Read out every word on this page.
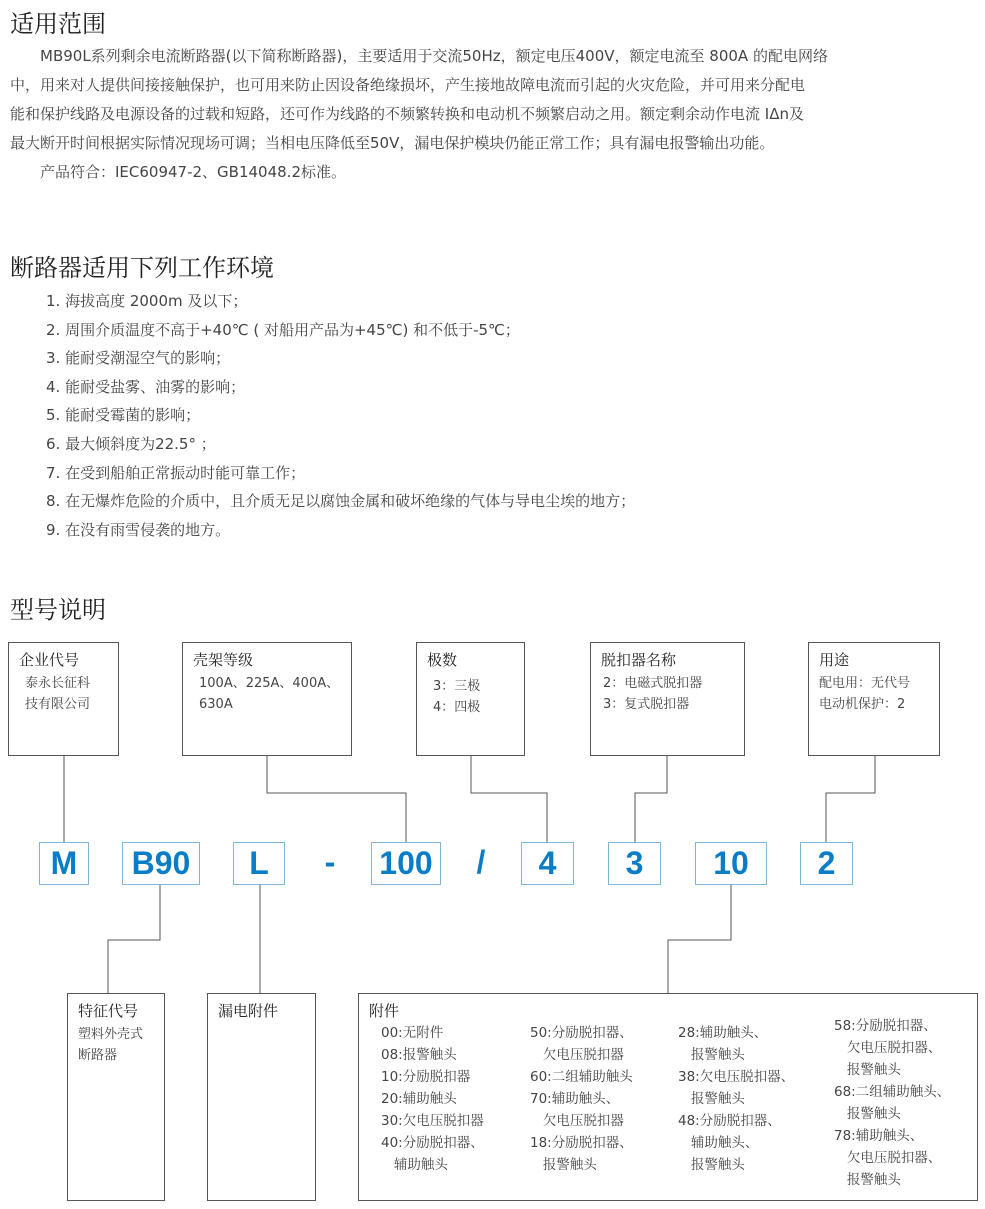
适用范围
　　MB90L系列剩余电流断路器(以下简称断路器)，主要适用于交流50Hz，额定电压400V，额定电流至 800A 的配电网络
中，用来对人提供间接接触保护，也可用来防止因设备绝缘损坏，产生接地故障电流而引起的火灾危险，并可用来分配电
能和保护线路及电源设备的过载和短路，还可作为线路的不频繁转换和电动机不频繁启动之用。额定剩余动作电流 IΔn及
最大断开时间根据实际情况现场可调；当相电压降低至50V，漏电保护模块仍能正常工作；具有漏电报警输出功能。
　　产品符合：IEC60947-2、GB14048.2标准。
断路器适用下列工作环境
1. 海拔高度 2000m 及以下；
2. 周围介质温度不高于+40℃ ( 对船用产品为+45℃) 和不低于-5℃；
3. 能耐受潮湿空气的影响；
4. 能耐受盐雾、油雾的影响；
5. 能耐受霉菌的影响；
6. 最大倾斜度为22.5° ；
7. 在受到船舶正常振动时能可靠工作；
8. 在无爆炸危险的介质中，且介质无足以腐蚀金属和破坏绝缘的气体与导电尘埃的地方；
9. 在没有雨雪侵袭的地方。
型号说明
企业代号
泰永长征科
技有限公司
壳架等级
100A、225A、400A、
630A
极数
3：三极
4：四极
脱扣器名称
2：电磁式脱扣器
3：复式脱扣器
用途
配电用：无代号
电动机保护：2
M	B90	L	-	100	/	4	3	10	2
特征代号
塑料外壳式
断路器
漏电附件	附件
00:无附件
08:报警触头
10:分励脱扣器
20:辅助触头
30:欠电压脱扣器
40:分励脱扣器、
辅助触头
50:分励脱扣器、
欠电压脱扣器
60:二组辅助触头
70:辅助触头、
欠电压脱扣器
18:分励脱扣器、
报警触头
28:辅助触头、
报警触头
38:欠电压脱扣器、
报警触头
48:分励脱扣器、
辅助触头、
报警触头
58:分励脱扣器、
欠电压脱扣器、
报警触头
68:二组辅助触头、
报警触头
78:辅助触头、
欠电压脱扣器、
报警触头
